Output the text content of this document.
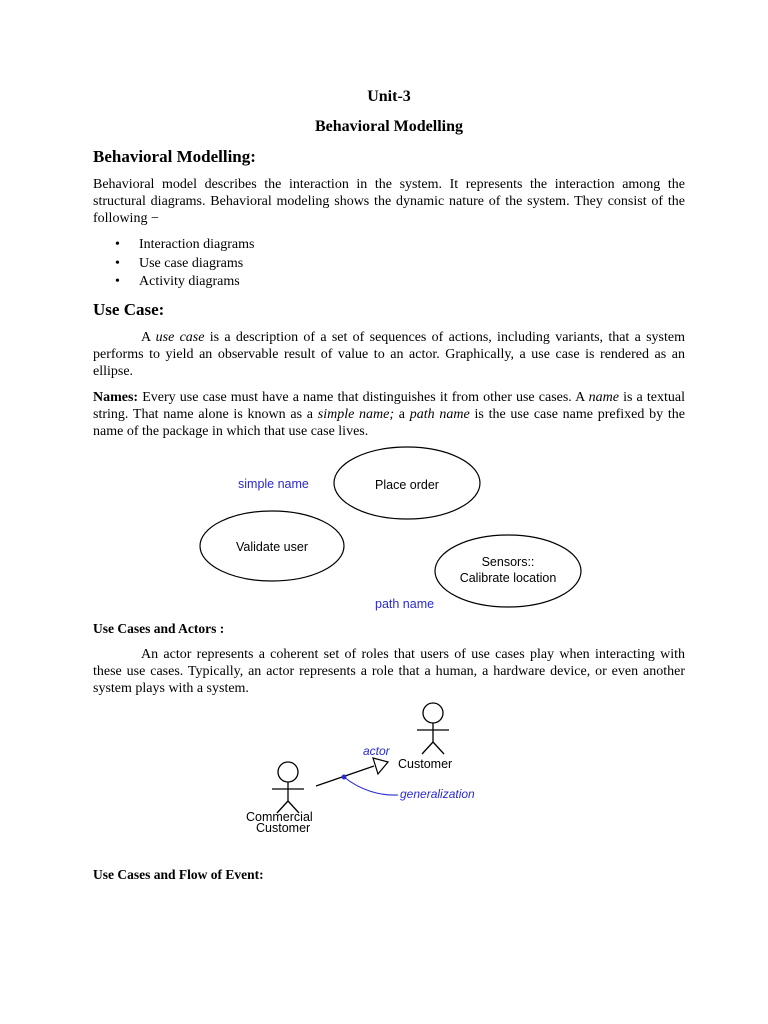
Unit-3
Behavioral Modelling
Behavioral Modelling:
Behavioral model describes the interaction in the system. It represents the interaction among the structural diagrams. Behavioral modeling shows the dynamic nature of the system. They consist of the following −
• Interaction diagrams
• Use case diagrams
• Activity diagrams
Use Case:
A use case is a description of a set of sequences of actions, including variants, that a system performs to yield an observable result of value to an actor. Graphically, a use case is rendered as an ellipse.
Names: Every use case must have a name that distinguishes it from other use cases. A name is a textual string. That name alone is known as a simple name; a path name is the use case name prefixed by the name of the package in which that use case lives.
Use Cases and Actors :
An actor represents a coherent set of roles that users of use cases play when interacting with these use cases. Typically, an actor represents a role that a human, a hardware device, or even another system plays with a system.
Use Cases and Flow of Event:
simple name	Place order
Validate user
Sensors::
Calibrate location
path name
actor
Customer
Commercial
Customer
generalization
